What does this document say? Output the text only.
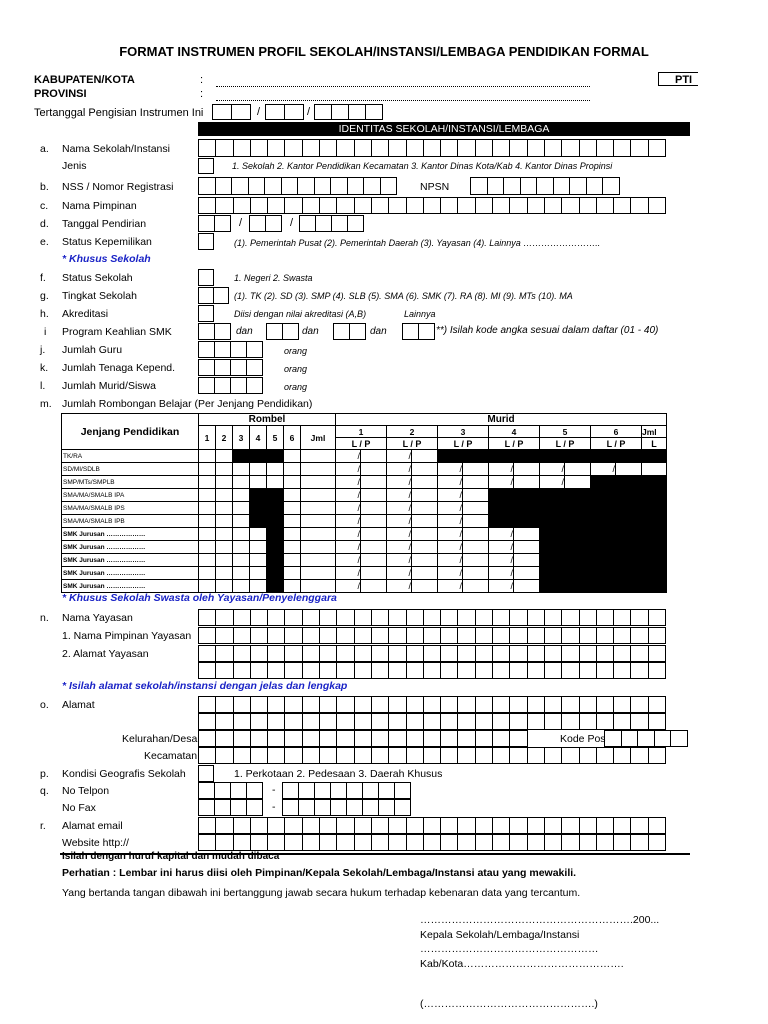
FORMAT INSTRUMEN PROFIL SEKOLAH/INSTANSI/LEMBAGA PENDIDIKAN FORMAL
KABUPATEN/KOTA
PROVINSI
:
:
PTI
Tertanggal Pengisian Instrumen Ini	/	/
IDENTITAS SEKOLAH/INSTANSI/LEMBAGA
a. Nama Sekolah/Instansi
Jenis	1. Sekolah 2. Kantor Pendidikan Kecamatan 3. Kantor Dinas Kota/Kab 4. Kantor Dinas Propinsi
b. NSS / Nomor Registrasi	NPSN
c. Nama Pimpinan
d. Tanggal Pendirian	/	/
e. Status Kepemilikan	(1). Pemerintah Pusat (2). Pemerintah Daerah (3). Yayasan (4). Lainnya ……………………..
* Khusus Sekolah
f. Status Sekolah	1. Negeri 2. Swasta
g. Tingkat Sekolah	(1). TK (2). SD (3). SMP (4). SLB (5). SMA (6). SMK (7). RA (8). MI (9). MTs (10). MA
h. Akreditasi	Diisi dengan nilai akreditasi (A,B)	Lainnya
i Program Keahlian SMK	dan	dan	dan	**) Isilah kode angka sesuai dalam daftar (01 - 40)
j. Jumlah Guru	orang
k. Jumlah Tenaga Kepend.	orang
l. Jumlah Murid/Siswa	orang
m. Jumlah Rombongan Belajar (Per Jenjang Pendidikan)
Jenjang Pendidikan	Rombel							Murid												
	1	2	3	4	5	6	Jml	1		2		3		4		5		6		Jml
								L / P		L / P		L / P		L / P		L / P		L / P		L
TK/RA								/		/										
SD/MI/SDLB								/		/		/		/		/		/		
SMP/MTs/SMPLB								/		/		/		/		/				
SMA/MA/SMALB IPA								/		/		/								
SMA/MA/SMALB IPS								/		/		/								
SMA/MA/SMALB IPB								/		/		/								
SMK Jurusan ………………								/		/		/		/						
SMK Jurusan ………………								/		/		/		/						
SMK Jurusan ………………								/		/		/		/						
SMK Jurusan ………………								/		/		/		/						
SMK Jurusan ………………								/		/		/		/						
* Khusus Sekolah Swasta oleh Yayasan/Penyelenggara
n. Nama Yayasan
1. Nama Pimpinan Yayasan
2. Alamat Yayasan
* Isilah alamat sekolah/instansi dengan jelas dan lengkap
o. Alamat
Kelurahan/Desa	Kode Pos
Kecamatan
p. Kondisi Geografis Sekolah	1. Perkotaan 2. Pedesaan 3. Daerah Khusus
q. No Telpon	-
No Fax	-
r. Alamat email
Website http://
Isilah dengan huruf kapital dan mudah dibaca
Perhatian : Lembar ini harus diisi oleh Pimpinan/Kepala Sekolah/Lembaga/Instansi atau yang mewakili.
Yang bertanda tangan dibawah ini bertanggung jawab secara hukum terhadap kebenaran data yang tercantum.
…………………………………………………….200...
Kepala Sekolah/Lembaga/Instansi
……………………………………………
Kab/Kota……………………………………….
(………………………………………….)
